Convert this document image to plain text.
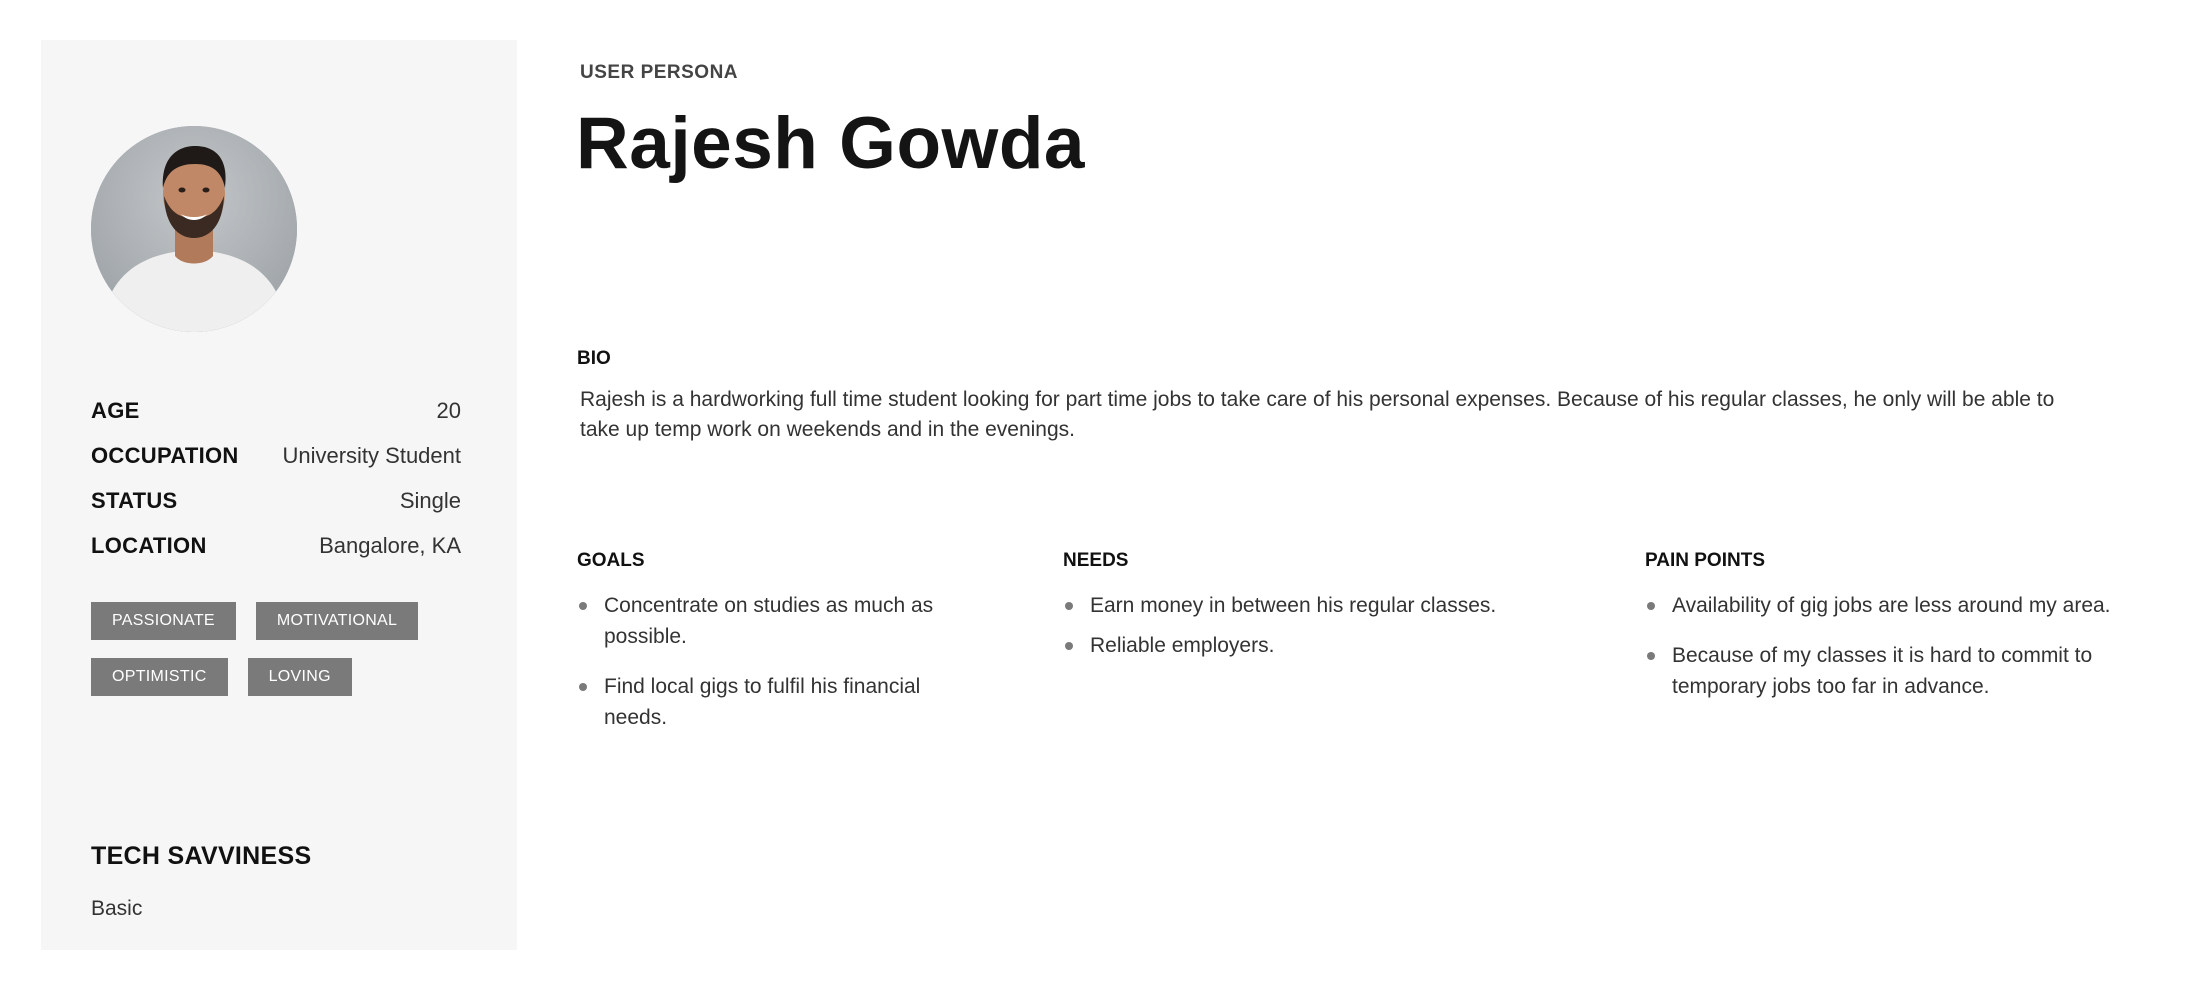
AGE	20
OCCUPATION University Student
STATUS	Single
LOCATION	Bangalore, KA
PASSIONATE	MOTIVATIONAL
OPTIMISTIC	LOVING
TECH SAVVINESS
Basic
USER PERSONA
Rajesh Gowda
BIO
Rajesh is a hardworking full time student looking for part time jobs to take care of his personal expenses. Because of his regular classes, he only will be able to take up temp work on weekends and in the evenings.
GOALS
Concentrate on studies as much as possible.
Find local gigs to fulfil his financial needs.
NEEDS
Earn money in between his regular classes.
Reliable employers.
PAIN POINTS
Availability of gig jobs are less around my area.
Because of my classes it is hard to commit to temporary jobs too far in advance.
